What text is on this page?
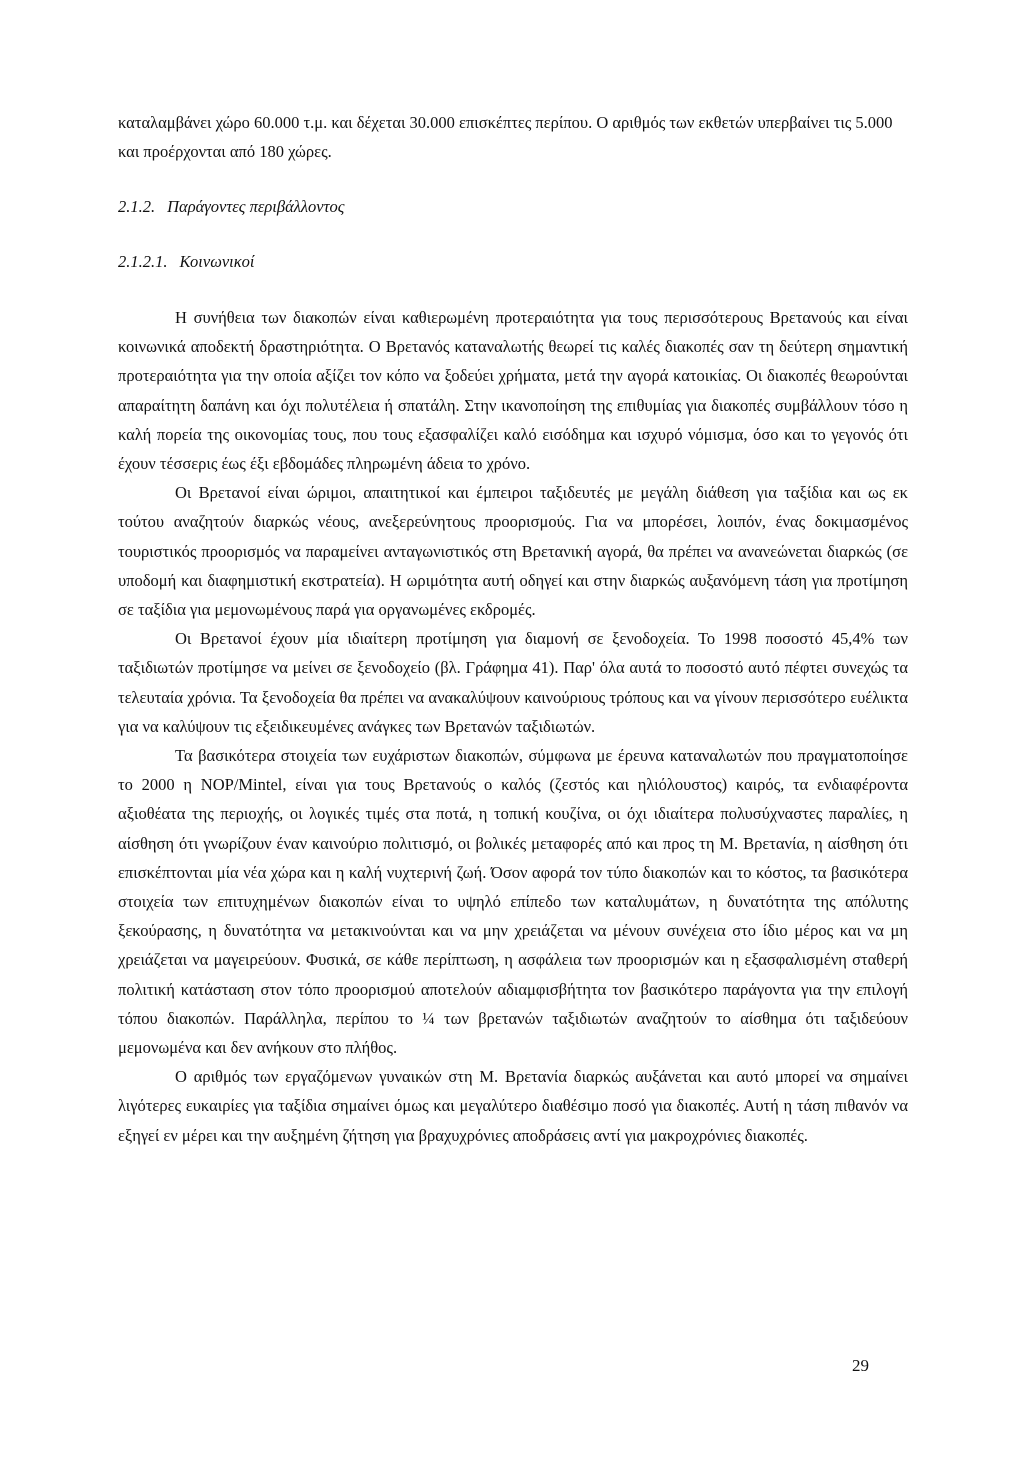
καταλαμβάνει χώρο 60.000 τ.μ. και δέχεται 30.000 επισκέπτες περίπου. Ο αριθμός των εκθετών υπερβαίνει τις 5.000 και προέρχονται από 180 χώρες.

2.1.2. Παράγοντες περιβάλλοντος
2.1.2.1. Κοινωνικοί

Η συνήθεια των διακοπών είναι καθιερωμένη προτεραιότητα για τους περισσότερους Βρετανούς και είναι κοινωνικά αποδεκτή δραστηριότητα. Ο Βρετανός καταναλωτής θεωρεί τις καλές διακοπές σαν τη δεύτερη σημαντική προτεραιότητα για την οποία αξίζει τον κόπο να ξοδεύει χρήματα, μετά την αγορά κατοικίας. Οι διακοπές θεωρούνται απαραίτητη δαπάνη και όχι πολυτέλεια ή σπατάλη. Στην ικανοποίηση της επιθυμίας για διακοπές συμβάλλουν τόσο η καλή πορεία της οικονομίας τους, που τους εξασφαλίζει καλό εισόδημα και ισχυρό νόμισμα, όσο και το γεγονός ότι έχουν τέσσερις έως έξι εβδομάδες πληρωμένη άδεια το χρόνο.

Οι Βρετανοί είναι ώριμοι, απαιτητικοί και έμπειροι ταξιδευτές με μεγάλη διάθεση για ταξίδια και ως εκ τούτου αναζητούν διαρκώς νέους, ανεξερεύνητους προορισμούς. Για να μπορέσει, λοιπόν, ένας δοκιμασμένος τουριστικός προορισμός να παραμείνει ανταγωνιστικός στη Βρετανική αγορά, θα πρέπει να ανανεώνεται διαρκώς (σε υποδομή και διαφημιστική εκστρατεία). Η ωριμότητα αυτή οδηγεί και στην διαρκώς αυξανόμενη τάση για προτίμηση σε ταξίδια για μεμονωμένους παρά για οργανωμένες εκδρομές.

Οι Βρετανοί έχουν μία ιδιαίτερη προτίμηση για διαμονή σε ξενοδοχεία. Το 1998 ποσοστό 45,4% των ταξιδιωτών προτίμησε να μείνει σε ξενοδοχείο (βλ. Γράφημα 41). Παρ' όλα αυτά το ποσοστό αυτό πέφτει συνεχώς τα τελευταία χρόνια. Τα ξενοδοχεία θα πρέπει να ανακαλύψουν καινούριους τρόπους και να γίνουν περισσότερο ευέλικτα για να καλύψουν τις εξειδικευμένες ανάγκες των Βρετανών ταξιδιωτών.

Τα βασικότερα στοιχεία των ευχάριστων διακοπών, σύμφωνα με έρευνα καταναλωτών που πραγματοποίησε το 2000 η NOP/Mintel, είναι για τους Βρετανούς ο καλός (ζεστός και ηλιόλουστος) καιρός, τα ενδιαφέροντα αξιοθέατα της περιοχής, οι λογικές τιμές στα ποτά, η τοπική κουζίνα, οι όχι ιδιαίτερα πολυσύχναστες παραλίες, η αίσθηση ότι γνωρίζουν έναν καινούριο πολιτισμό, οι βολικές μεταφορές από και προς τη Μ. Βρετανία, η αίσθηση ότι επισκέπτονται μία νέα χώρα και η καλή νυχτερινή ζωή. Όσον αφορά τον τύπο διακοπών και το κόστος, τα βασικότερα στοιχεία των επιτυχημένων διακοπών είναι το υψηλό επίπεδο των καταλυμάτων, η δυνατότητα της απόλυτης ξεκούρασης, η δυνατότητα να μετακινούνται και να μην χρειάζεται να μένουν συνέχεια στο ίδιο μέρος και να μη χρειάζεται να μαγειρεύουν. Φυσικά, σε κάθε περίπτωση, η ασφάλεια των προορισμών και η εξασφαλισμένη σταθερή πολιτική κατάσταση στον τόπο προορισμού αποτελούν αδιαμφισβήτητα τον βασικότερο παράγοντα για την επιλογή τόπου διακοπών. Παράλληλα, περίπου το ¼ των βρετανών ταξιδιωτών αναζητούν το αίσθημα ότι ταξιδεύουν μεμονωμένα και δεν ανήκουν στο πλήθος.

Ο αριθμός των εργαζόμενων γυναικών στη Μ. Βρετανία διαρκώς αυξάνεται και αυτό μπορεί να σημαίνει λιγότερες ευκαιρίες για ταξίδια σημαίνει όμως και μεγαλύτερο διαθέσιμο ποσό για διακοπές. Αυτή η τάση πιθανόν να εξηγεί εν μέρει και την αυξημένη ζήτηση για βραχυχρόνιες αποδράσεις αντί για μακροχρόνιες διακοπές.

29
